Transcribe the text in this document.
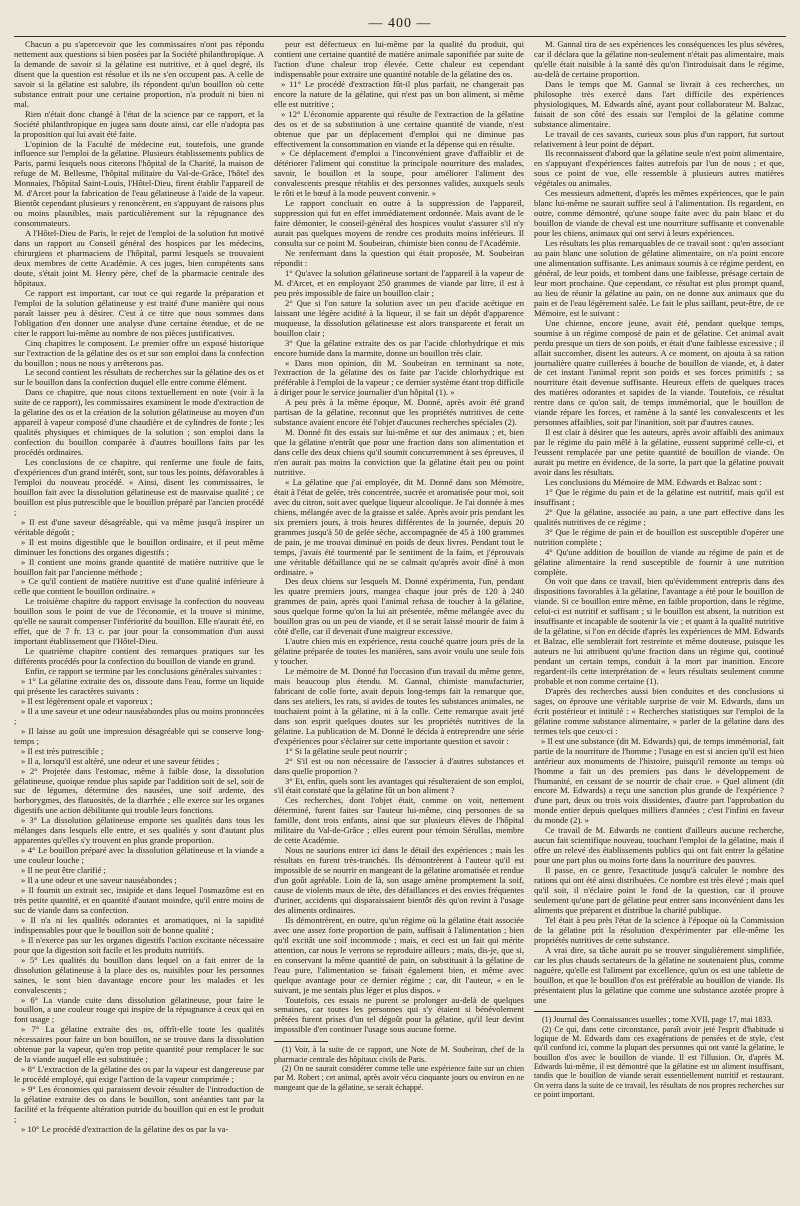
— 400 —

Chacun a pu s'apercevoir que les commissaires n'ont pas répondu nettement aux questions si bien posées par la Société philanthropique. A la demande de savoir si la gélatine est nutritive, et à quel degré, ils disent que la question est résolue et ils ne s'en occupent pas. A celle de savoir si la gélatine est salubre, ils répondent qu'un bouillon où cette substance entrait pour une certaine proportion, n'a produit ni bien ni mal.

Rien n'était donc changé à l'état de la science par ce rapport, et la Société philanthropique en jugea sans doute ainsi, car elle n'adopta pas la proposition qui lui avait été faite.

L'opinion de la Faculté de médecine eut, toutefois, une grande influence sur l'emploi de la gélatine. Plusieurs établissements publics de Paris, parmi lesquels nous citerons l'hôpital de la Charité, la maison de refuge de M. Bellesme, l'hôpital militaire du Val-de-Grâce, l'hôtel des Monnaies, l'hôpital Saint-Louis, l'Hôtel-Dieu, firent établir l'appareil de M. d'Arcet pour la fabrication de l'eau gélatineuse à l'aide de la vapeur. Bientôt cependant plusieurs y renoncèrent, en s'appuyant de raisons plus ou moins plausibles, mais particulièrement sur la répugnance des consommateurs.

A l'Hôtel-Dieu de Paris, le rejet de l'emploi de la solution fut motivé dans un rapport au Conseil général des hospices par les médecins, chirurgiens et pharmaciens de l'hôpital, parmi lesquels se trouvaient deux membres de cette Académie. A ces juges, bien compétents sans doute, s'était joint M. Henry père, chef de la pharmacie centrale des hôpitaux.

Ce rapport est important, car tout ce qui regarde la préparation et l'emploi de la solution gélatineuse y est traité d'une manière qui nous paraît laisser peu à désirer. C'est à ce titre que nous sommes dans l'obligation d'en donner une analyse d'une certaine étendue, et de ne citer le rapport lui-même au nombre de nos pièces justificatives.

Cinq chapitres le composent. Le premier offre un exposé historique sur l'extraction de la gélatine des os et sur son emploi dans la confection du bouillon ; nous ne nous y arrêterons pas.

Le second contient les résultats de recherches sur la gélatine des os et sur le bouillon dans la confection duquel elle entre comme élément.

Dans ce chapitre, que nous citons textuellement en note (voir à la suite de ce rapport), les commissaires examinent le mode d'extraction de la gélatine des os et la création de la solution gélatineuse au moyen d'un appareil à vapeur composé d'une chaudière et de cylindres de fonte ; les qualités physiques et chimiques de la solution ; son emploi dans la confection du bouillon comparée à d'autres bouillons faits par les procédés ordinaires.

Les conclusions de ce chapitre, qui renferme une foule de faits, d'expériences d'un grand intérêt, sont, sur tous les points, défavorables à l'emploi du nouveau procédé. « Ainsi, disent les commissaires, le bouillon fait avec la dissolution gélatineuse est de mauvaise qualité ; ce bouillon est plus putrescible que le bouillon préparé par l'ancien procédé ;

» Il est d'une saveur désagréable, qui va même jusqu'à inspirer un véritable dégoût ;

» Il est moins digestible que le bouillon ordinaire, et il peut même diminuer les fonctions des organes digestifs ;

» Il contient une moins grande quantité de matière nutritive que le bouillon fait par l'ancienne méthode ;

» Ce qu'il contient de matière nutritive est d'une qualité inférieure à celle que contient le bouillon ordinaire. »

Le troisième chapitre du rapport envisage la confection du nouveau bouillon sous le point de vue de l'économie, et la trouve si minime, qu'elle ne saurait compenser l'infériorité du bouillon. Elle n'aurait été, en effet, que de 7 fr. 13 c. par jour pour la consommation d'un aussi important établissement que l'Hôtel-Dieu.

Le quatrième chapitre contient des remarques pratiques sur les différents procédés pour la confection du bouillon de viande en grand.

Enfin, ce rapport se termine par les conclusions générales suivantes :

» 1° La gélatine extraite des os, dissoute dans l'eau, forme un liquide qui présente les caractères suivants :

» Il est légèrement opale et vaporeux ;

» Il a une saveur et une odeur nauséabondes plus ou moins prononcées ;

» Il laisse au goût une impression désagréable qui se conserve long-temps ;

» Il est très putrescible ;

» Il a, lorsqu'il est altéré, une odeur et une saveur fétides ;

» 2° Projetée dans l'estomac, même à faible dose, la dissolution gélatineuse, quoique rendue plus sapide par l'addition soit de sel, soit de suc de légumes, détermine des nausées, une soif ardente, des borborygmes, des flatuosités, de la diarrhée ; elle exerce sur les organes digestifs une action débilitante qui trouble leurs fonctions.

» 3° La dissolution gélatineuse emporte ses qualités dans tous les mélanges dans lesquels elle entre, et ses qualités y sont d'autant plus apparentes qu'elles s'y trouvent en plus grande proportion.

» 4° Le bouillon préparé avec la dissolution gélatineuse et la viande a une couleur louche ;

» Il ne peut être clarifié ;

» Il a une odeur et une saveur nauséabondes ;

» Il fournit un extrait sec, insipide et dans lequel l'osmazôme est en très petite quantité, et en quantité d'autant moindre, qu'il entre moins de suc de viande dans sa confection.

» Il n'a ni les qualités odorantes et aromatiques, ni la sapidité indispensables pour que le bouillon soit de bonne qualité ;

» Il n'exerce pas sur les organes digestifs l'action excitante nécessaire pour que la digestion soit facile et les produits nutritifs.

» 5° Les qualités du bouillon dans lequel on a fait entrer de la dissolution gélatineuse à la place des os, nuisibles pour les personnes saines, le sont bien davantage encore pour les malades et les convalescents ;

» 6° La viande cuite dans dissolution gélatineuse, pour faire le bouillon, a une couleur rouge qui inspire de la répugnance à ceux qui en font usage ;

» 7° La gélatine extraite des os, offrît-elle toute les qualités nécessaires pour faire un bon bouillon, ne se trouve dans la dissolution obtenue par la vapeur, qu'en trop petite quantité pour remplacer le suc de la viande auquel elle est substituée ;

» 8° L'extraction de la gélatine des os par la vapeur est dangereuse par le procédé employé, qui exige l'action de la vapeur comprimée ;

» 9° Les économies qui paraissent devoir résulter de l'introduction de la gélatine extraite des os dans le bouillon, sont anéanties tant par la facilité et la fréquente altération putride du bouillon qui en est le produit ;

» 10° Le procédé d'extraction de la gélatine des os par la va-

peur est défectueux en lui-même par la qualité du produit, qui contient une certaine quantité de matière animale saponifiée par suite de l'action d'une chaleur trop élevée. Cette chaleur est cependant indispensable pour extraire une quantité notable de la gélatine des os.

» 11° Le procédé d'extraction fût-il plus parfait, ne changerait pas encore la nature de la gélatine, qui n'est pas un bon aliment, si même elle est nutritive ;

» 12° L'économie apparente qui résulte de l'extraction de la gélatine des os et de sa substitution à une certaine quantité de viande, n'est obtenue que par un déplacement d'emploi qui ne diminue pas effectivement la consommation en viande et la dépense qui en résulte.

» Ce déplacement d'emploi a l'inconvénient grave d'affaiblir et de détériorer l'aliment qui constitue la principale nourriture des malades, savoir, le bouillon et la soupe, pour améliorer l'aliment des convalescents presque rétablis et des personnes valides, auxquels seuls le rôti et le bœuf à la mode peuvent convenir. »

Le rapport concluait en outre à la suppression de l'appareil, suppression qui fut en effet immédiatement ordonnée. Mais avant de le faire démonter, le conseil-général des hospices voulut s'assurer s'il n'y aurait pas quelques moyens de rendre ces produits moins inférieurs. Il consulta sur ce point M. Soubeiran, chimiste bien connu de l'Académie.

Ne renfermant dans la question qui était proposée, M. Soubeiran répondit :

1° Qu'avec la solution gélatineuse sortant de l'appareil à la vapeur de M. d'Arcet, et en employant 250 grammes de viande par litre, il est à peu près impossible de faire un bouillon clair ;

2° Que si l'on sature la solution avec un peu d'acide acétique en laissant une légère acidité à la liqueur, il se fait un dépôt d'apparence muqueuse, la dissolution gélatineuse est alors transparente et ferait un bouillon clair ;

3° Que la gélatine extraite des os par l'acide chlorhydrique et mis encore humide dans la marmite, donne un bouillon très clair.

« Dans mon opinion, dit M. Soubeiran en terminant sa note, l'extraction de la gélatine des os faite par l'acide chlorhydrique est préférable à l'emploi de la vapeur ; ce dernier système étant trop difficile à diriger pour le service journalier d'un hôpital (1). »

A peu près à la même époque, M. Donné, après avoir été grand partisan de la gélatine, reconnut que les propriétés nutritives de cette substance avaient encore été l'objet d'aucunes recherches spéciales (2).

M. Donné fit des essais sur lui-même et sur des animaux ; et, bien que la gélatine n'entrât que pour une fraction dans son alimentation et dans celle des deux chiens qu'il soumit concurremment à ses épreuves, il n'en aurait pas moins la conviction que la gélatine était peu ou point nutritive.

« La gélatine que j'ai employée, dit M. Donné dans son Mémoire, était à l'état de gelée, très concentrée, sucrée et aromatisée pour moi, soit avec du citron, soit avec quelque liqueur alcoolique. Je l'ai donnée à mes chiens, mélangée avec de la graisse et salée. Après avoir pris pendant les six premiers jours, à trois heures différentes de la journée, depuis 20 grammes jusqu'à 50 de gelée sèche, accompagnée de 45 à 100 grammes de pain, je me trouvai diminué en poids de deux livres. Pendant tout le temps, j'avais été tourmenté par le sentiment de la faim, et j'éprouvais une véritable défaillance qui ne se calmait qu'après avoir dîné à mon ordinaire. »

Des deux chiens sur lesquels M. Donné expérimenta, l'un, pendant les quatre premiers jours, mangea chaque jour près de 120 à 240 grammes de pain, après quoi l'animal refusa de toucher à la gélatine, sous quelque forme qu'on la lui ait présentée, même mélangée avec du bouillon gras ou un peu de viande, et il se serait laissé mourir de faim à côté d'elle, car il devenait d'une maigreur excessive.

L'autre chien mis en expérience, resta couché quatre jours près de la gélatine préparée de toutes les manières, sans avoir voulu une seule fois y toucher.

Le mémoire de M. Donné fut l'occasion d'un travail du même genre, mais beaucoup plus étendu. M. Gannal, chimiste manufacturier, fabricant de colle forte, avait depuis long-temps fait la remarque que, dans ses ateliers, les rats, si avides de toutes les substances animales, ne touchaient point à la gélatine, ni à la colle. Cette remarque avait jeté dans son esprit quelques doutes sur les propriétés nutritives de la gélatine. La publication de M. Donné le décida à entreprendre une série d'expériences pour s'éclairer sur cette importante question et savoir :

1° Si la gélatine seule peut nourrir ;

2° S'il est ou non nécessaire de l'associer à d'autres substances et dans quelle proportion ?

3° Et, enfin, quels sont les avantages qui résulteraient de son emploi, s'il était constaté que la gélatine fût un bon aliment ?

Ces recherches, dont l'objet était, comme on voit, nettement déterminé, furent faites sur l'auteur lui-même, cinq personnes de sa famille, dont trois enfants, ainsi que sur plusieurs élèves de l'hôpital militaire du Val-de-Grâce ; elles eurent pour témoin Sérullas, membre de cette Académie.

Nous ne saurions entrer ici dans le détail des expériences ; mais les résultats en furent très-tranchés. Ils démontrèrent à l'auteur qu'il est impossible de se nourrir en mangeant de la gélatine aromatisée et rendue d'un goût agréable. Loin de là, son usage amène promptement la soif, cause de violents maux de tête, des défaillances et des envies fréquentes d'uriner, accidents qui disparaissaient bientôt dès qu'on revint à l'usage des aliments ordinaires.

Ils démontrèrent, en outre, qu'un régime où la gélatine était associée avec une assez forte proportion de pain, suffisait à l'alimentation ; bien qu'il excitât une soif incommode ; mais, et ceci est un fait qui mérite attention, car nous le verrons se reproduire ailleurs ; mais, dis-je, que si, en conservant la même quantité de pain, on substituait à la gélatine de l'eau pure, l'alimentation se faisait également bien, et même avec quelque avantage pour ce dernier régime ; car, dit l'auteur, « en le suivant, je me sentais plus léger et plus dispos. »

Toutefois, ces essais ne purent se prolonger au-delà de quelques semaines, car toutes les personnes qui s'y étaient si bénévolement prêtées furent prises d'un tel dégoût pour la gélatine, qu'il leur devint impossible d'en continuer l'usage sous aucune forme.

(1) Voir, à la suite de ce rapport, une Note de M. Soubeiran, chef de la pharmacie centrale des hôpitaux civils de Paris.

(2) On ne saurait considérer comme telle une expérience faite sur un chien par M. Robert ; cet animal, après avoir vécu cinquante jours ou environ en ne mangeant que de la gélatine, se serait échappé.

M. Gannal tira de ses expériences les conséquences les plus sévères, car il déclara que la gélatine non-seulement n'était pas alimentaire, mais qu'elle était nuisible à la santé dès qu'on l'introduisait dans le régime, au-delà de certaine proportion.

Dans le temps que M. Gannal se livrait à ces recherches, un philosophe très exercé dans l'art difficile des expériences physiologiques, M. Edwards aîné, ayant pour collaborateur M. Balzac, faisait de son côté des essais sur l'emploi de la gélatine comme substance alimentaire.

Le travail de ces savants, curieux sous plus d'un rapport, fut surtout relativement à leur point de départ.

Ils reconnaissent d'abord que la gélatine seule n'est point alimentaire, en s'appuyant d'expériences faites autrefois par l'un de nous ; et que, sous ce point de vue, elle ressemble à plusieurs autres matières végétales ou animales.

Ces messieurs admettent, d'après les mêmes expériences, que le pain blanc lui-même ne saurait suffire seul à l'alimentation. Ils regardent, en outre, comme démontré, qu'une soupe faite avec du pain blanc et du bouillon de viande de cheval est une nourriture suffisante et convenable pour les chiens, animaux qui ont servi à leurs expériences.

Les résultats les plus remarquables de ce travail sont : qu'en associant au pain blanc une solution de gélatine alimentaire, on n'a point encore une alimentation suffisante. Les animaux soumis à ce régime perdent, en général, de leur poids, et tombent dans une faiblesse, présage certain de leur mort prochaine. Que cependant, ce résultat est plus prompt quand, au lieu de réunir la gélatine au pain, on ne donne aux animaux que du pain et de l'eau légèrement salée. Le fait le plus saillant, peut-être, de ce Mémoire, est le suivant :

Une chienne, encore jeune, avait été, pendant quelque temps, soumise à un régime composé de pain et de gélatine. Cet animal avait perdu presque un tiers de son poids, et était d'une faiblesse excessive ; il allait succomber, disent les auteurs. A ce moment, on ajouta à sa ration journalière quatre cuillerées à bouche de bouillon de viande, et, à dater de cet instant l'animal reprit son poids et ses forces primitifs ; sa nourriture était devenue suffisante. Heureux effets de quelques traces des matières odorantes et sapides de la viande. Toutefois, ce résultat rentre dans ce qu'on sait, de temps immémorial, que le bouillon de viande répare les forces, et ramène à la santé les convalescents et les personnes affaiblies, soit par l'inanition, soit par d'autres causes.

Il est clair à désirer que les auteurs, après avoir affaibli des animaux par le régime du pain mêlé à la gélatine, eussent supprimé celle-ci, et l'eussent remplacée par une petite quantité de bouillon de viande. On aurait pu mettre en évidence, de la sorte, la part que la gélatine pouvait avoir dans les résultats.

Les conclusions du Mémoire de MM. Edwards et Balzac sont :

1° Que le régime du pain et de la gélatine est nutritif, mais qu'il est insuffisant ;

2° Que la gélatine, associée au pain, a une part effective dans les qualités nutritives de ce régime ;

3° Que le régime de pain et de bouillon est susceptible d'opérer une nutrition complète ;

4° Qu'une addition de bouillon de viande au régime de pain et de gélatine alimentaire la rend susceptible de fournir à une nutrition complète.

On voit que dans ce travail, bien qu'évidemment entrepris dans des dispositions favorables à la gélatine, l'avantage a été pour le bouillon de viande. Si ce bouillon entre même, en faible proportion, dans le régime, celui-ci est nutritif et suffisant ; si le bouillon est absent, la nutrition est insuffisante et incapable de soutenir la vie ; et quant à la qualité nutritive de la gélatine, si l'on en décide d'après les expériences de MM. Edwards et Balzac, elle semblerait fort restreinte et même douteuse, puisque les auteurs ne lui attribuent qu'une fraction dans un régime qui, continué pendant un certain temps, conduit à la mort par inanition. Encore regardent-ils cette interprétation de « leurs résultats seulement comme probable et non comme certaine (1).

D'après des recherches aussi bien conduites et des conclusions si sages, on éprouve une véritable surprise de voir M. Edwards, dans un écrit postérieur et intitulé : « Recherches statistiques sur l'emploi de la gélatine comme substance alimentaire, » parler de la gélatine dans des termes tels que ceux-ci :

» Il est une substance (dit M. Edwards) qui, de temps immémorial, fait partie de la nourriture de l'homme ; l'usage en est si ancien qu'il est bien antérieur aux monuments de l'histoire, puisqu'il remonte au temps où l'homme a fait un des premiers pas dans le développement de l'humanité, en cessant de se nourrir de chair crue. » Quel aliment (dit encore M. Edwards) a reçu une sanction plus grande de l'expérience ? d'une part, deux ou trois voix dissidentes, d'autre part l'approbation du monde entier depuis quelques milliers d'années ; c'est l'infini en faveur du monde (2). »

Ce travail de M. Edwards ne contient d'ailleurs aucune recherche, aucun fait scientifique nouveau, touchant l'emploi de la gélatine, mais il offre un relevé des établissements publics qui ont fait entrer la gélatine pour une part plus ou moins forte dans la nourriture des pauvres.

Il passe, en ce genre, l'exactitude jusqu'à calculer le nombre des rations qui ont été ainsi distribuées. Ce nombre est très élevé ; mais quel qu'il soit, il n'éclaire point le fond de la question, car il prouve seulement qu'une part de gélatine peut entrer sans inconvénient dans les aliments que préparent et distribue la charité publique.

Tel était à peu près l'état de la science à l'époque où la Commission de la gélatine prit la résolution d'expérimenter par elle-même les propriétés nutritives de cette substance.

A vrai dire, sa tâche aurait pu se trouver singulièrement simplifiée, car les plus chauds sectateurs de la gélatine ne soutenaient plus, comme naguère, qu'elle est l'aliment par excellence, qu'un os est une tablette de bouillon, et que le bouillon d'os est préférable au bouillon de viande. Ils présentaient plus la gélatine que comme une substance azotée propre à une

(1) Journal des Connaissances usuelles ; tome XVII, page 17, mai 1833.

(2) Ce qui, dans cette circonstance, paraît avoir jeté l'esprit d'habitude si logique de M. Edwards dans ces exagérations de pensées et de style, c'est qu'il confond ici, comme la plupart des personnes qui ont vanté la gélatine, le bouillon d'os avec le bouillon de viande. Il est l'illusion. Or, d'après M. Edwards lui-même, il est démontré que la gélatine est un aliment insuffisant, tandis que le bouillon de viande serait essentiellement nutritif et restaurant. On verra dans la suite de ce travail, les résultats de nos propres recherches sur ce point important.
